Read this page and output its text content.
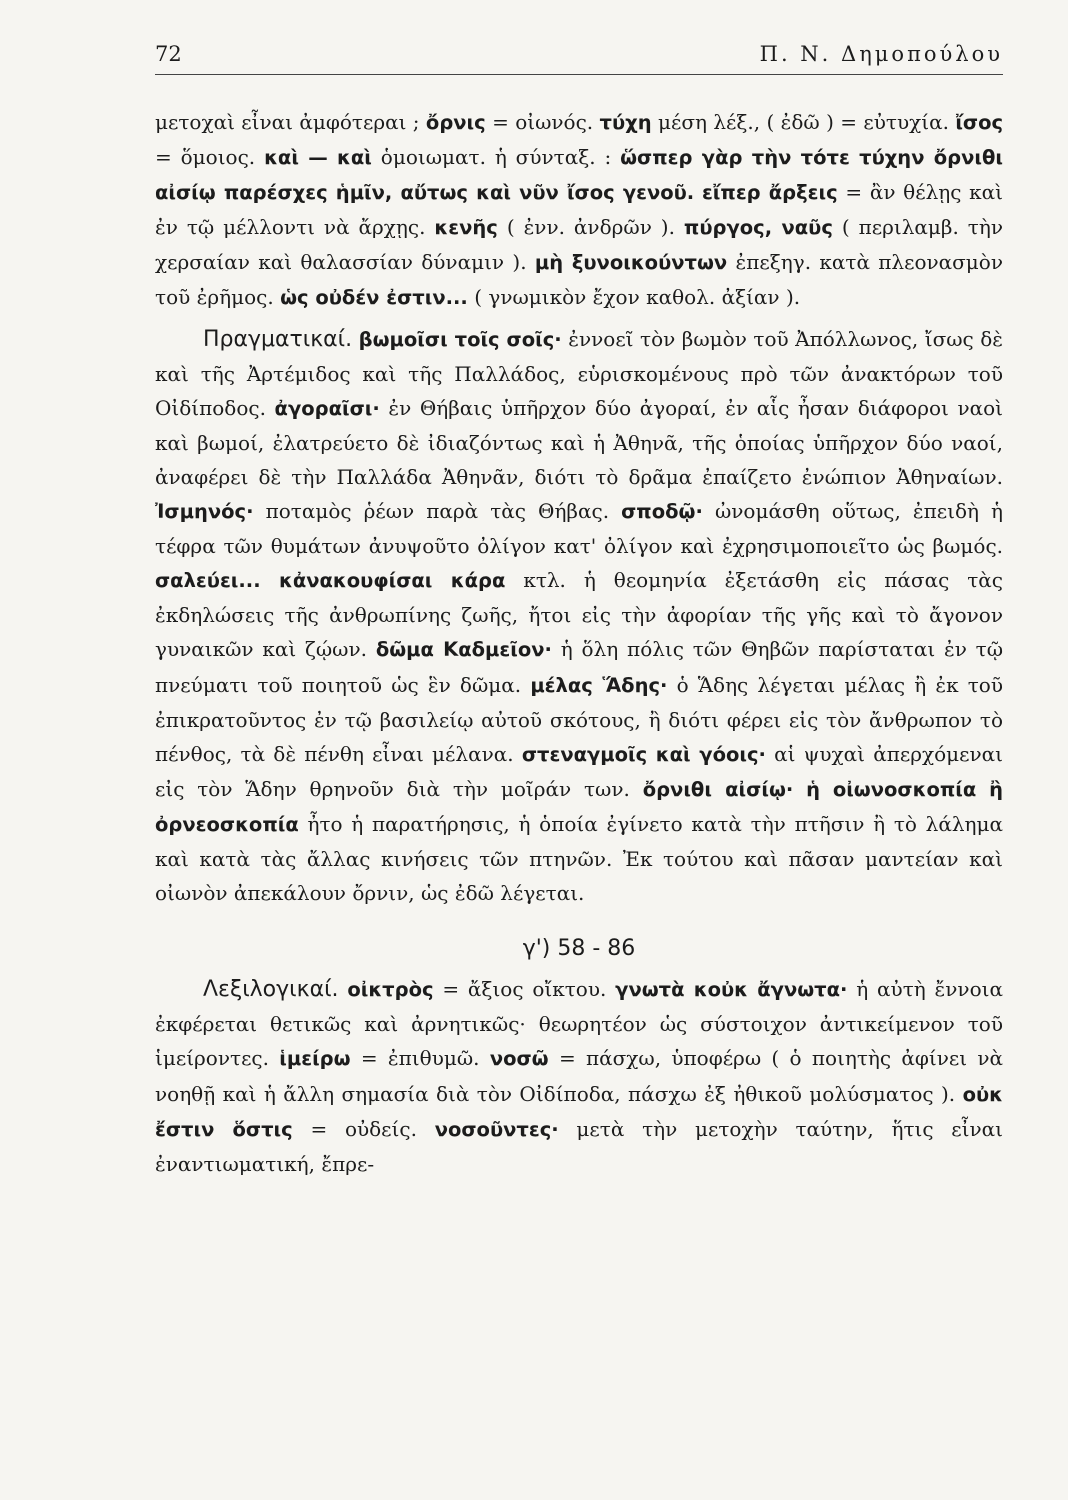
72	Π. Ν. Δημοπούλου

μετοχαὶ εἶναι ἀμφότεραι ; ὄρνις = οἰωνός. τύχη μέση λέξ., ( ἐδῶ ) = εὐτυχία. ἴσος = ὅμοιος. καὶ — καὶ ὁμοιωματ. ἡ σύνταξ. : ὥσπερ γὰρ τὴν τότε τύχην ὄρνιθι αἰσίῳ παρέσχες ἡμῖν, αὔτως καὶ νῦν ἴσος γενοῦ. εἴπερ ἄρξεις = ἂν θέλῃς καὶ ἐν τῷ μέλλοντι νὰ ἄρχῃς. κενῆς ( ἐνν. ἀνδρῶν ). πύργος, ναῦς ( περιλαμβ. τὴν χερσαίαν καὶ θαλασσίαν δύναμιν ). μὴ ξυνοικούντων ἐπεξηγ. κατὰ πλεονασμὸν τοῦ ἐρῆμος. ὡς οὐδέν ἐστιν... ( γνωμικὸν ἔχον καθολ. ἀξίαν ).

Πραγματικαί. βωμοῖσι τοῖς σοῖς· ἐννοεῖ τὸν βωμὸν τοῦ Ἀπόλλωνος, ἴσως δὲ καὶ τῆς Ἀρτέμιδος καὶ τῆς Παλλάδος, εὑρισκομένους πρὸ τῶν ἀνακτόρων τοῦ Οἰδίποδος. ἀγοραῖσι· ἐν Θήβαις ὑπῆρχον δύο ἀγοραί, ἐν αἷς ἦσαν διάφοροι ναοὶ καὶ βωμοί, ἐλατρεύετο δὲ ἰδιαζόντως καὶ ἡ Ἀθηνᾶ, τῆς ὁποίας ὑπῆρχον δύο ναοί, ἀναφέρει δὲ τὴν Παλλάδα Ἀθηνᾶν, διότι τὸ δρᾶμα ἐπαίζετο ἐνώπιον Ἀθηναίων. Ἰσμηνός· ποταμὸς ῥέων παρὰ τὰς Θήβας. σποδῷ· ὠνομάσθη οὕτως, ἐπειδὴ ἡ τέφρα τῶν θυμάτων ἀνυψοῦτο ὀλίγον κατ' ὀλίγον καὶ ἐχρησιμοποιεῖτο ὡς βωμός. σαλεύει... κἀνακουφίσαι κάρα κτλ. ἡ θεομηνία ἐξετάσθη εἰς πάσας τὰς ἐκδηλώσεις τῆς ἀνθρωπίνης ζωῆς, ἤτοι εἰς τὴν ἀφορίαν τῆς γῆς καὶ τὸ ἄγονον γυναικῶν καὶ ζῴων. δῶμα Καδμεῖον· ἡ ὅλη πόλις τῶν Θηβῶν παρίσταται ἐν τῷ πνεύματι τοῦ ποιητοῦ ὡς ἓν δῶμα. μέλας Ἅδης· ὁ Ἅδης λέγεται μέλας ἢ ἐκ τοῦ ἐπικρατοῦντος ἐν τῷ βασιλείῳ αὐτοῦ σκότους, ἢ διότι φέρει εἰς τὸν ἄνθρωπον τὸ πένθος, τὰ δὲ πένθη εἶναι μέλανα. στεναγμοῖς καὶ γόοις· αἱ ψυχαὶ ἀπερχόμεναι εἰς τὸν Ἅδην θρηνοῦν διὰ τὴν μοῖράν των. ὄρνιθι αἰσίῳ· ἡ οἰωνοσκοπία ἢ ὀρνεοσκοπία ἦτο ἡ παρατήρησις, ἡ ὁποία ἐγίνετο κατὰ τὴν πτῆσιν ἢ τὸ λάλημα καὶ κατὰ τὰς ἄλλας κινήσεις τῶν πτηνῶν. Ἐκ τούτου καὶ πᾶσαν μαντείαν καὶ οἰωνὸν ἀπεκάλουν ὄρνιν, ὡς ἐδῶ λέγεται.

γ') 58 - 86

Λεξιλογικαί. οἰκτρὸς = ἄξιος οἴκτου. γνωτὰ κοὐκ ἄγνωτα· ἡ αὐτὴ ἔννοια ἐκφέρεται θετικῶς καὶ ἀρνητικῶς· θεωρητέον ὡς σύστοιχον ἀντικείμενον τοῦ ἱμείροντες. ἱμείρω = ἐπιθυμῶ. νοσῶ = πάσχω, ὑποφέρω ( ὁ ποιητὴς ἀφίνει νὰ νοηθῇ καὶ ἡ ἄλλη σημασία διὰ τὸν Οἰδίποδα, πάσχω ἐξ ἠθικοῦ μολύσματος ). οὐκ ἔστιν ὅστις = οὐδείς. νοσοῦντες· μετὰ τὴν μετοχὴν ταύτην, ἥτις εἶναι ἐναντιωματική, ἔπρε-
